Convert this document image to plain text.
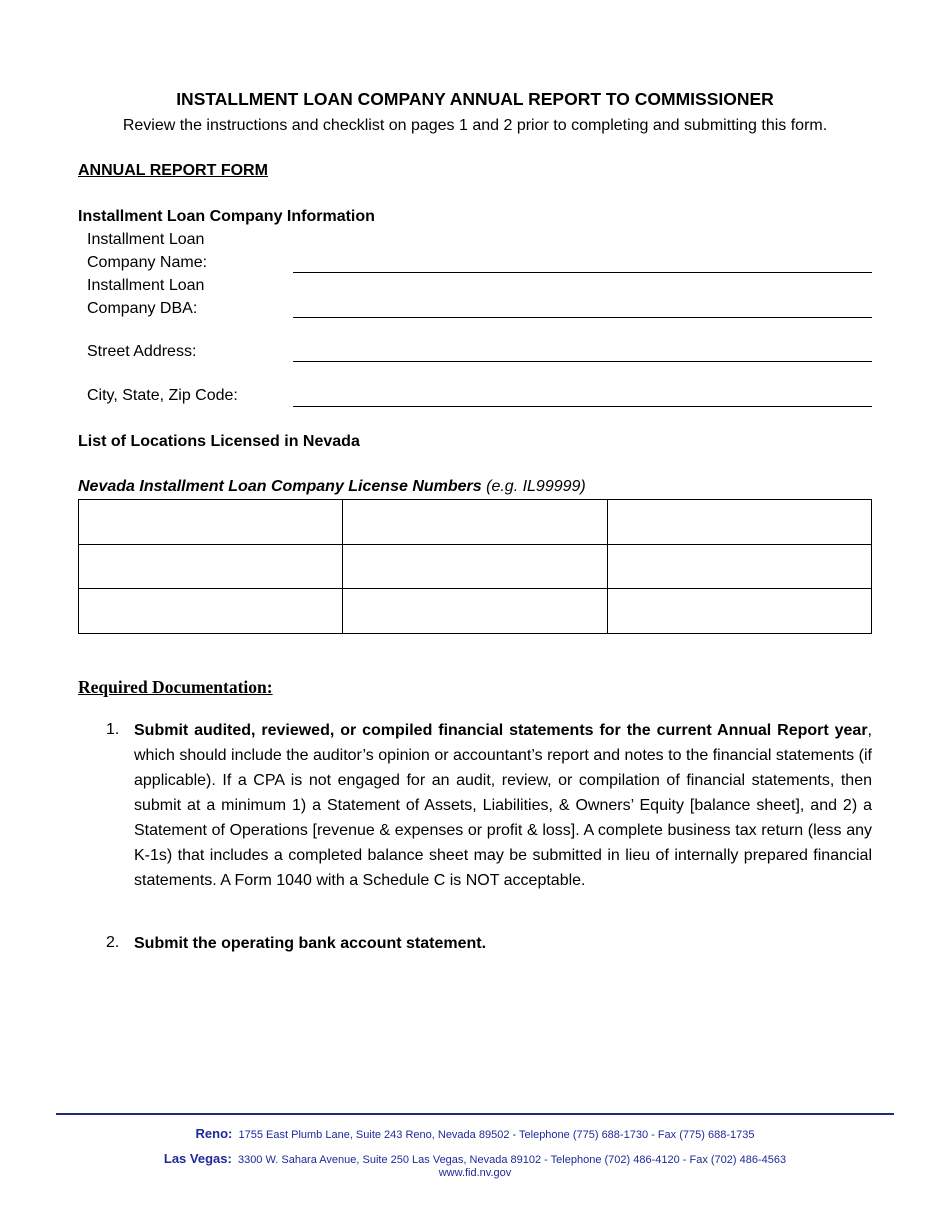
INSTALLMENT LOAN COMPANY ANNUAL REPORT TO COMMISSIONER
Review the instructions and checklist on pages 1 and 2 prior to completing and submitting this form.
ANNUAL REPORT FORM
Installment Loan Company Information
Installment Loan
Company Name:
Installment Loan
Company DBA:
Street Address:
City, State, Zip Code:
List of Locations Licensed in Nevada
Nevada Installment Loan Company License Numbers (e.g. IL99999)

Required Documentation:
1. Submit audited, reviewed, or compiled financial statements for the current Annual Report year, which should include the auditor’s opinion or accountant’s report and notes to the financial statements (if applicable). If a CPA is not engaged for an audit, review, or compilation of financial statements, then submit at a minimum 1) a Statement of Assets, Liabilities, & Owners’ Equity [balance sheet], and 2) a Statement of Operations [revenue & expenses or profit & loss]. A complete business tax return (less any K-1s) that includes a completed balance sheet may be submitted in lieu of internally prepared financial statements. A Form 1040 with a Schedule C is NOT acceptable.
2. Submit the operating bank account statement.
Reno: 1755 East Plumb Lane, Suite 243 Reno, Nevada 89502 - Telephone (775) 688-1730 - Fax (775) 688-1735
Las Vegas: 3300 W. Sahara Avenue, Suite 250 Las Vegas, Nevada 89102 - Telephone (702) 486-4120 - Fax (702) 486-4563
www.fid.nv.gov
